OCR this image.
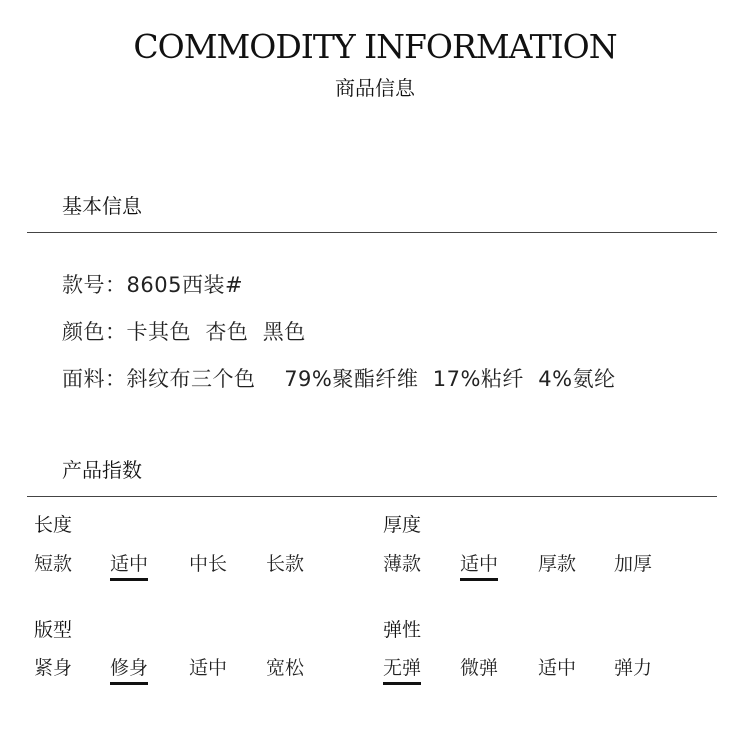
COMMODITY INFORMATION
商品信息
基本信息
款号：8605西装#
颜色：卡其色  杏色  黑色
面料：斜纹布三个色    79%聚酯纤维  17%粘纤  4%氨纶
产品指数
长度
短款 适中 中长 长款
厚度
薄款 适中 厚款 加厚
版型
紧身 修身 适中 宽松
弹性
无弹 微弹 适中 弹力
